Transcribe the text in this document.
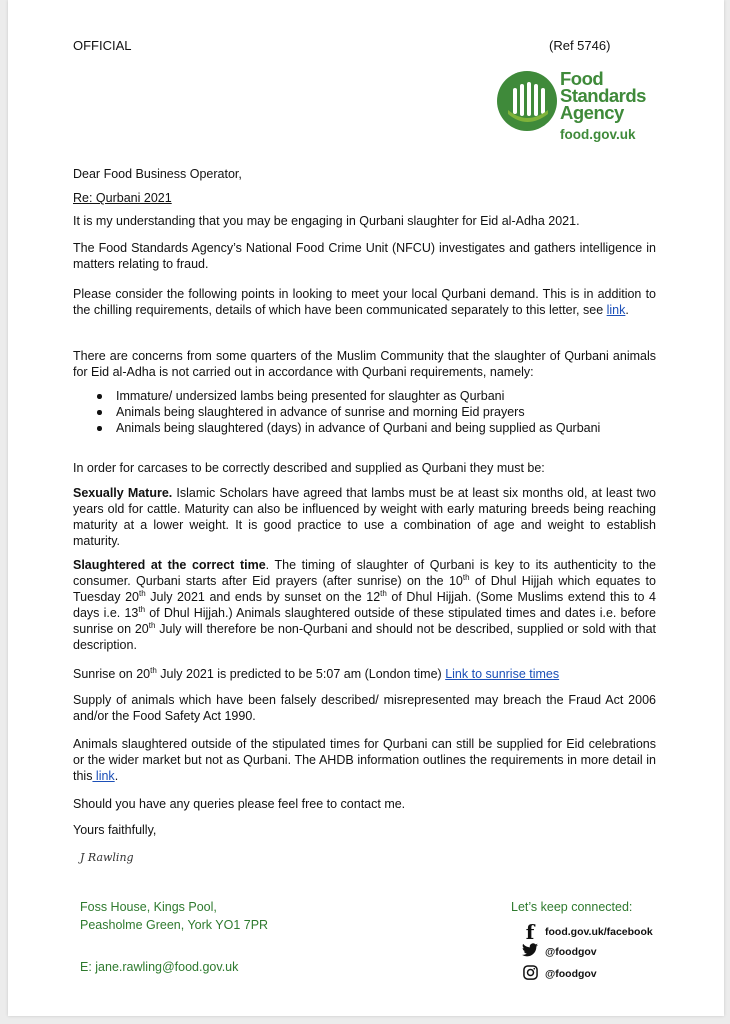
OFFICIAL	(Ref 5746)
Food
Standards
Agency
food.gov.uk
Dear Food Business Operator,
Re: Qurbani 2021
It is my understanding that you may be engaging in Qurbani slaughter for Eid al-Adha 2021.
The Food Standards Agency’s National Food Crime Unit (NFCU) investigates and gathers intelligence in matters relating to fraud.
Please consider the following points in looking to meet your local Qurbani demand. This is in addition to the chilling requirements, details of which have been communicated separately to this letter, see link.
There are concerns from some quarters of the Muslim Community that the slaughter of Qurbani animals for Eid al-Adha is not carried out in accordance with Qurbani requirements, namely:
Immature/ undersized lambs being presented for slaughter as Qurbani
Animals being slaughtered in advance of sunrise and morning Eid prayers
Animals being slaughtered (days) in advance of Qurbani and being supplied as Qurbani
In order for carcases to be correctly described and supplied as Qurbani they must be:
Sexually Mature. Islamic Scholars have agreed that lambs must be at least six months old, at least two years old for cattle. Maturity can also be influenced by weight with early maturing breeds being reaching maturity at a lower weight. It is good practice to use a combination of age and weight to establish maturity.
Slaughtered at the correct time. The timing of slaughter of Qurbani is key to its authenticity to the consumer. Qurbani starts after Eid prayers (after sunrise) on the 10th of Dhul Hijjah which equates to Tuesday 20th July 2021 and ends by sunset on the 12th of Dhul Hijjah. (Some Muslims extend this to 4 days i.e. 13th of Dhul Hijjah.) Animals slaughtered outside of these stipulated times and dates i.e. before sunrise on 20th July will therefore be non-Qurbani and should not be described, supplied or sold with that description.
Sunrise on 20th July 2021 is predicted to be 5:07 am (London time) Link to sunrise times
Supply of animals which have been falsely described/ misrepresented may breach the Fraud Act 2006 and/or the Food Safety Act 1990.
Animals slaughtered outside of the stipulated times for Qurbani can still be supplied for Eid celebrations or the wider market but not as Qurbani. The AHDB information outlines the requirements in more detail in this link.
Should you have any queries please feel free to contact me.
Yours faithfully,
J Rawling
Foss House, Kings Pool,
Peasholme Green, York YO1 7PR
E: jane.rawling@food.gov.uk
Let’s keep connected:
f	food.gov.uk/facebook
@foodgov
@foodgov
